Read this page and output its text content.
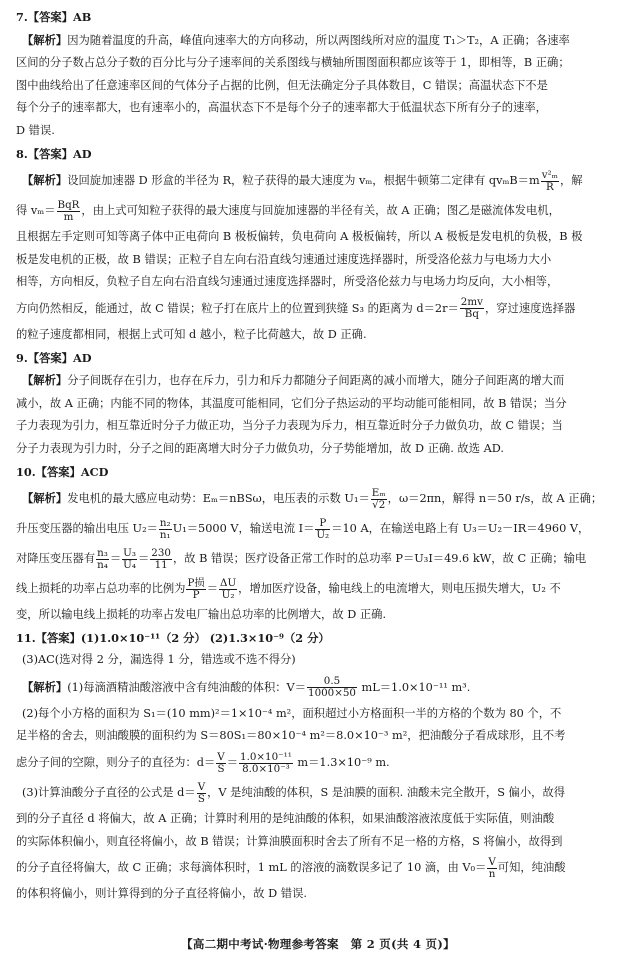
7.【答案】AB

【解析】因为随着温度的升高，峰值向速率大的方向移动，所以两图线所对应的温度 T₁＞T₂，A 正确；各速率

区间的分子数占总分子数的百分比与分子速率间的关系图线与横轴所围图面积都应该等于 1，即相等，B 正确；

图中曲线给出了任意速率区间的气体分子占据的比例，但无法确定分子具体数目，C 错误；高温状态下不是

每个分子的速率都大，也有速率小的，高温状态下不是每个分子的速率都大于低温状态下所有分子的速率，

D 错误.

8.【答案】AD

【解析】设回旋加速器 D 形盒的半径为 R，粒子获得的最大速度为 vₘ，根据牛顿第二定律有 $qv_mB=m \frac{\text{v²ₘ}}{R}$ ，解

得 $v_m= \frac{\text{BqR}}{m}$ ，由上式可知粒子获得的最大速度与回旋加速器的半径有关，故 A 正确；图乙是磁流体发电机，

且根据左手定则可知等离子体中正电荷向 B 极板偏转，负电荷向 A 极板偏转，所以 A 极板是发电机的负极，B 极

板是发电机的正极，故 B 错误；正粒子自左向右沿直线匀速通过速度选择器时，所受洛伦兹力与电场力大小

相等，方向相反，负粒子自左向右沿直线匀速通过速度选择器时，所受洛伦兹力与电场力均反向，大小相等，

方向仍然相反，能通过，故 C 错误；粒子打在底片上的位置到狭缝 S₃ 的距离为 $d=2r= \frac{2mv}{Bq}$ ，穿过速度选择器

的粒子速度都相同，根据上式可知 d 越小，粒子比荷越大，故 D 正确.

9.【答案】AD

【解析】分子间既存在引力，也存在斥力，引力和斥力都随分子间距离的减小而增大，随分子间距离的增大而

减小，故 A 正确；内能不同的物体，其温度可能相同，它们分子热运动的平均动能可能相同，故 B 错误；当分

子力表现为引力，相互靠近时分子力做正功，当分子力表现为斥力，相互靠近时分子力做负功，故 C 错误；当

分子力表现为引力时，分子之间的距离增大时分子力做负功，分子势能增加，故 D 正确. 故选 AD.

10.【答案】ACD

【解析】发电机的最大感应电动势：Eₘ＝nBSω，电压表的示数 $U_1= \frac{\text{Eₘ}}{√2}$ ，ω＝2πn，解得 n＝50 r/s，故 A 正确；

升压变压器的输出电压 $U_2= \frac{\text{n₂}}{\text{n₁}} U_1=5000$ V，输送电流 $I= \frac{P}{\text{U₂}} =10$ A，在输送电路上有 U₃＝U₂－IR＝4960 V，

对降压变压器有 $\frac{\text{n₃}}{\text{n₄}} = \frac{\text{U₃}}{\text{U₄}} = \frac{230}{11}$ ，故 B 错误；医疗设备正常工作时的总功率 P＝U₃I＝49.6 kW，故 C 正确；输电

线上损耗的功率占总功率的比例为 $\frac{\text{P损}}{P} = \frac{\Delta U}{\text{U₂}}$ ，增加医疗设备，输电线上的电流增大，则电压损失增大，U₂ 不

变，所以输电线上损耗的功率占发电厂输出总功率的比例增大，故 D 正确.

11.【答案】(1)1.0×10⁻¹¹（2 分） (2)1.3×10⁻⁹（2 分）

(3)AC(选对得 2 分，漏选得 1 分，错选或不选不得分)

【解析】(1)每滴酒精油酸溶液中含有纯油酸的体积：$V= \frac{0.5}{1000\times 50} mL=1.0\times 10^{-11}$ m³.

(2)每个小方格的面积为 S₁＝(10 mm)²＝1×10⁻⁴ m²，面积超过小方格面积一半的方格的个数为 80 个，不

足半格的舍去，则油酸膜的面积约为 S＝80S₁＝80×10⁻⁴ m²＝8.0×10⁻³ m²，把油酸分子看成球形，且不考

虑分子间的空隙，则分子的直径为：$d= \frac{V}{S} = \frac{\text{1.0×10⁻¹¹}}{\text{8.0×10⁻³}} m=1.3\times 10^{-9}$ m.

(3)计算油酸分子直径的公式是 $d= \frac{V}{S}$ ，V 是纯油酸的体积，S 是油膜的面积. 油酸未完全散开，S 偏小，故得

到的分子直径 d 将偏大，故 A 正确；计算时利用的是纯油酸的体积，如果油酸溶液浓度低于实际值，则油酸

的实际体积偏小，则直径将偏小，故 B 错误；计算油膜面积时舍去了所有不足一格的方格，S 将偏小，故得到

的分子直径将偏大，故 C 正确；求每滴体积时，1 mL 的溶液的滴数误多记了 10 滴，由 $V_0= \frac{V}{n}$ 可知，纯油酸

的体积将偏小，则计算得到的分子直径将偏小，故 D 错误.

【高二期中考试·物理参考答案　第 2 页(共 4 页)】
